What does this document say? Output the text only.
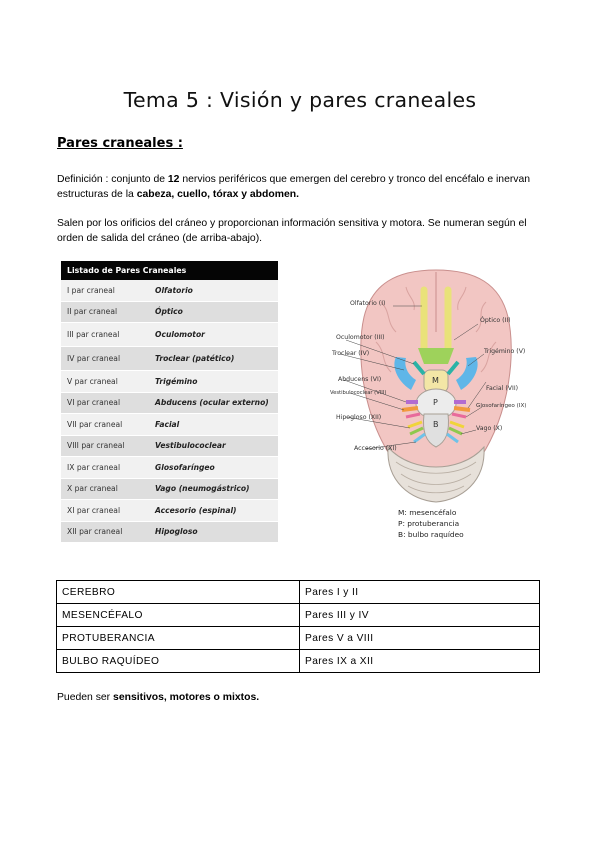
Tema 5 : Visión y pares craneales
Pares craneales :
Definición : conjunto de 12 nervios periféricos que emergen del cerebro y tronco del encéfalo e inervan estructuras de la cabeza, cuello, tórax y abdomen.
Salen por los orificios del cráneo y proporcionan información sensitiva y motora. Se numeran según el orden de salida del cráneo (de arriba-abajo).
Listado de Pares Craneales	
I par craneal	Olfatorio
II par craneal	Óptico
III par craneal	Oculomotor
IV par craneal	Troclear (patético)
V par craneal	Trigémino
VI par craneal	Abducens (ocular externo)
VII par craneal	Facial
VIII par craneal	Vestibulococlear
IX par craneal	Glosofaríngeo
X par craneal	Vago (neumogástrico)
XI par craneal	Accesorio (espinal)
XII par craneal	Hipogloso
Olfatorio (I)
Óptico (II)
Oculomotor (III)
Troclear (IV)	Trigémino (V)
Abducens (VI)
Vestibulococlear (VIII)
Facial (VII)
Glosofaríngeo (IX)
Hipogloso (XII)
Vago (X)
Accesorio (XI)
M
P
B
M: mesencéfalo
P: protuberancia
B: bulbo raquídeo
CEREBRO	Pares I y II
MESENCÉFALO	Pares III y IV
PROTUBERANCIA	Pares V a VIII
BULBO RAQUÍDEO	Pares IX a XII
Pueden ser sensitivos, motores o mixtos.
